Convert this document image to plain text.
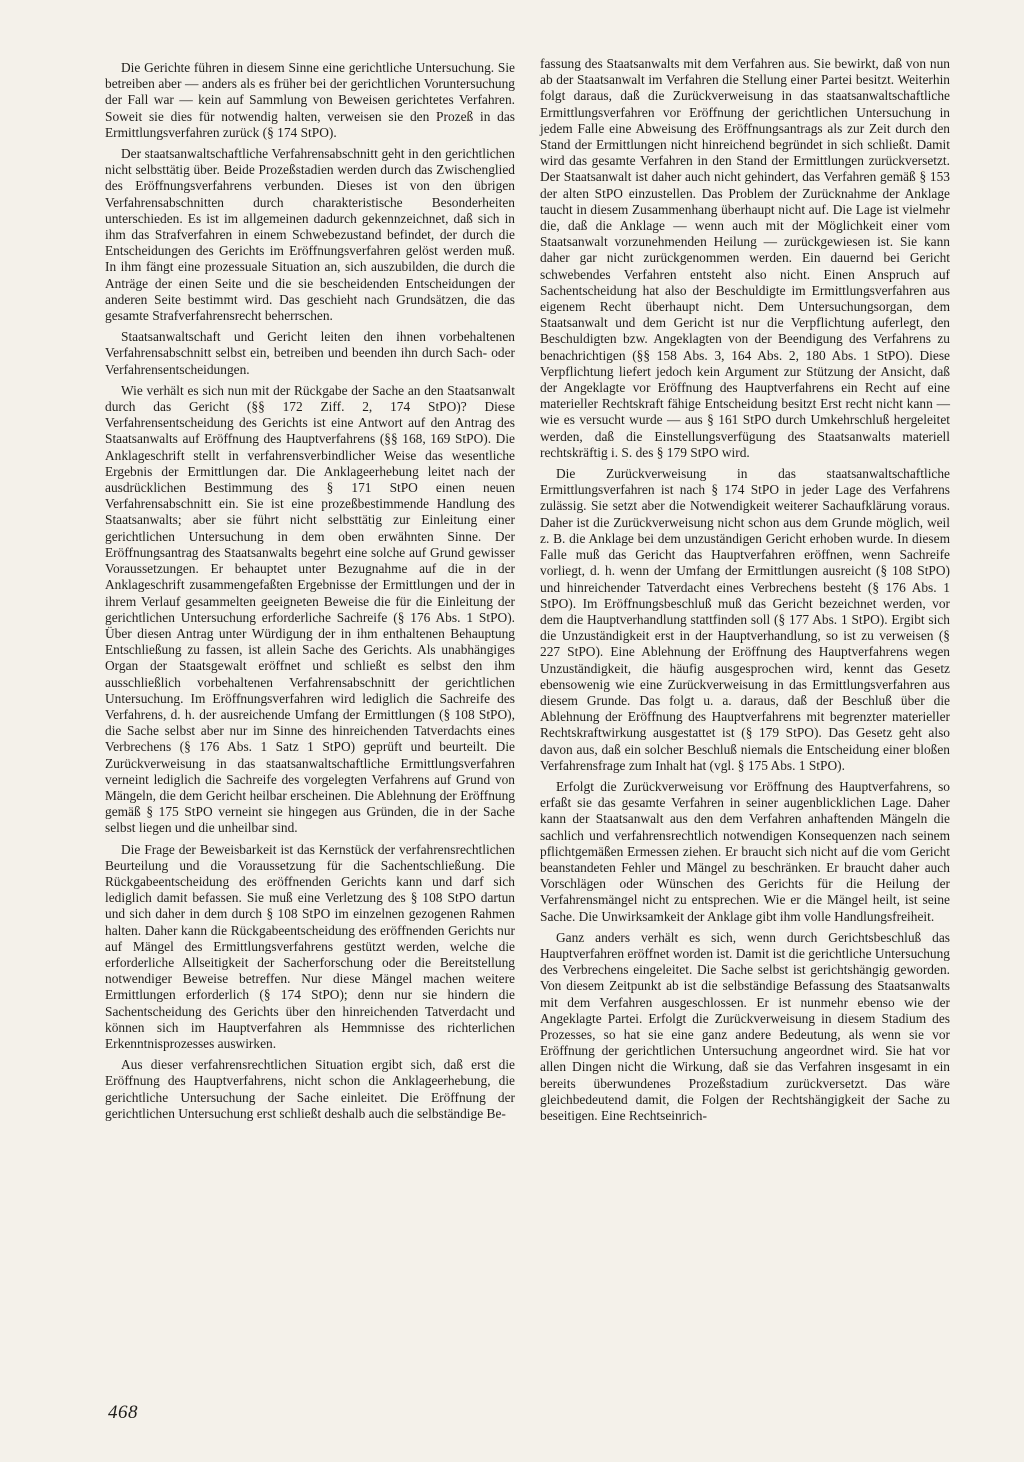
Die Gerichte führen in diesem Sinne eine gerichtliche Untersuchung. Sie betreiben aber — anders als es früher bei der gerichtlichen Voruntersuchung der Fall war — kein auf Sammlung von Beweisen gerichtetes Verfahren. Soweit sie dies für notwendig halten, verweisen sie den Prozeß in das Ermittlungsverfahren zurück (§ 174 StPO).

Der staatsanwaltschaftliche Verfahrensabschnitt geht in den gerichtlichen nicht selbsttätig über. Beide Prozeßstadien werden durch das Zwischenglied des Eröffnungsverfahrens verbunden. Dieses ist von den übrigen Verfahrensabschnitten durch charakteristische Besonderheiten unterschieden. Es ist im allgemeinen dadurch gekennzeichnet, daß sich in ihm das Strafverfahren in einem Schwebezustand befindet, der durch die Entscheidungen des Gerichts im Eröffnungsverfahren gelöst werden muß. In ihm fängt eine prozessuale Situation an, sich auszubilden, die durch die Anträge der einen Seite und die sie bescheidenden Entscheidungen der anderen Seite bestimmt wird. Das geschieht nach Grundsätzen, die das gesamte Strafverfahrensrecht beherrschen.

Staatsanwaltschaft und Gericht leiten den ihnen vorbehaltenen Verfahrensabschnitt selbst ein, betreiben und beenden ihn durch Sach- oder Verfahrensentscheidungen.

Wie verhält es sich nun mit der Rückgabe der Sache an den Staatsanwalt durch das Gericht (§§ 172 Ziff. 2, 174 StPO)? Diese Verfahrensentscheidung des Gerichts ist eine Antwort auf den Antrag des Staatsanwalts auf Eröffnung des Hauptverfahrens (§§ 168, 169 StPO). Die Anklageschrift stellt in verfahrensverbindlicher Weise das wesentliche Ergebnis der Ermittlungen dar. Die Anklageerhebung leitet nach der ausdrücklichen Bestimmung des § 171 StPO einen neuen Verfahrensabschnitt ein. Sie ist eine prozeßbestimmende Handlung des Staatsanwalts; aber sie führt nicht selbsttätig zur Einleitung einer gerichtlichen Untersuchung in dem oben erwähnten Sinne. Der Eröffnungsantrag des Staatsanwalts begehrt eine solche auf Grund gewisser Voraussetzungen. Er behauptet unter Bezugnahme auf die in der Anklageschrift zusammengefaßten Ergebnisse der Ermittlungen und der in ihrem Verlauf gesammelten geeigneten Beweise die für die Einleitung der gerichtlichen Untersuchung erforderliche Sachreife (§ 176 Abs. 1 StPO). Über diesen Antrag unter Würdigung der in ihm enthaltenen Behauptung Entschließung zu fassen, ist allein Sache des Gerichts. Als unabhängiges Organ der Staatsgewalt eröffnet und schließt es selbst den ihm ausschließlich vorbehaltenen Verfahrensabschnitt der gerichtlichen Untersuchung. Im Eröffnungsverfahren wird lediglich die Sachreife des Verfahrens, d. h. der ausreichende Umfang der Ermittlungen (§ 108 StPO), die Sache selbst aber nur im Sinne des hinreichenden Tatverdachts eines Verbrechens (§ 176 Abs. 1 Satz 1 StPO) geprüft und beurteilt. Die Zurückverweisung in das staatsanwaltschaftliche Ermittlungsverfahren verneint lediglich die Sachreife des vorgelegten Verfahrens auf Grund von Mängeln, die dem Gericht heilbar erscheinen. Die Ablehnung der Eröffnung gemäß § 175 StPO verneint sie hingegen aus Gründen, die in der Sache selbst liegen und die unheilbar sind.

Die Frage der Beweisbarkeit ist das Kernstück der verfahrensrechtlichen Beurteilung und die Voraussetzung für die Sachentschließung. Die Rückgabeentscheidung des eröffnenden Gerichts kann und darf sich lediglich damit befassen. Sie muß eine Verletzung des § 108 StPO dartun und sich daher in dem durch § 108 StPO im einzelnen gezogenen Rahmen halten. Daher kann die Rückgabeentscheidung des eröffnenden Gerichts nur auf Mängel des Ermittlungsverfahrens gestützt werden, welche die erforderliche Allseitigkeit der Sacherforschung oder die Bereitstellung notwendiger Beweise betreffen. Nur diese Mängel machen weitere Ermittlungen erforderlich (§ 174 StPO); denn nur sie hindern die Sachentscheidung des Gerichts über den hinreichenden Tatverdacht und können sich im Hauptverfahren als Hemmnisse des richterlichen Erkenntnisprozesses auswirken.

Aus dieser verfahrensrechtlichen Situation ergibt sich, daß erst die Eröffnung des Hauptverfahrens, nicht schon die Anklageerhebung, die gerichtliche Untersuchung der Sache einleitet. Die Eröffnung der gerichtlichen Untersuchung erst schließt deshalb auch die selbständige Be-

fassung des Staatsanwalts mit dem Verfahren aus. Sie bewirkt, daß von nun ab der Staatsanwalt im Verfahren die Stellung einer Partei besitzt. Weiterhin folgt daraus, daß die Zurückverweisung in das staatsanwaltschaftliche Ermittlungsverfahren vor Eröffnung der gerichtlichen Untersuchung in jedem Falle eine Abweisung des Eröffnungsantrags als zur Zeit durch den Stand der Ermittlungen nicht hinreichend begründet in sich schließt. Damit wird das gesamte Verfahren in den Stand der Ermittlungen zurückversetzt. Der Staatsanwalt ist daher auch nicht gehindert, das Verfahren gemäß § 153 der alten StPO einzustellen. Das Problem der Zurücknahme der Anklage taucht in diesem Zusammenhang überhaupt nicht auf. Die Lage ist vielmehr die, daß die Anklage — wenn auch mit der Möglichkeit einer vom Staatsanwalt vorzunehmenden Heilung — zurückgewiesen ist. Sie kann daher gar nicht zurückgenommen werden. Ein dauernd bei Gericht schwebendes Verfahren entsteht also nicht. Einen Anspruch auf Sachentscheidung hat also der Beschuldigte im Ermittlungsverfahren aus eigenem Recht überhaupt nicht. Dem Untersuchungsorgan, dem Staatsanwalt und dem Gericht ist nur die Verpflichtung auferlegt, den Beschuldigten bzw. Angeklagten von der Beendigung des Verfahrens zu benachrichtigen (§§ 158 Abs. 3, 164 Abs. 2, 180 Abs. 1 StPO). Diese Verpflichtung liefert jedoch kein Argument zur Stützung der Ansicht, daß der Angeklagte vor Eröffnung des Hauptverfahrens ein Recht auf eine materieller Rechtskraft fähige Entscheidung besitzt Erst recht nicht kann — wie es versucht wurde — aus § 161 StPO durch Umkehrschluß hergeleitet werden, daß die Einstellungsverfügung des Staatsanwalts materiell rechtskräftig i. S. des § 179 StPO wird.

Die Zurückverweisung in das staatsanwaltschaftliche Ermittlungsverfahren ist nach § 174 StPO in jeder Lage des Verfahrens zulässig. Sie setzt aber die Notwendigkeit weiterer Sachaufklärung voraus. Daher ist die Zurückverweisung nicht schon aus dem Grunde möglich, weil z. B. die Anklage bei dem unzuständigen Gericht erhoben wurde. In diesem Falle muß das Gericht das Hauptverfahren eröffnen, wenn Sachreife vorliegt, d. h. wenn der Umfang der Ermittlungen ausreicht (§ 108 StPO) und hinreichender Tatverdacht eines Verbrechens besteht (§ 176 Abs. 1 StPO). Im Eröffnungsbeschluß muß das Gericht bezeichnet werden, vor dem die Hauptverhandlung stattfinden soll (§ 177 Abs. 1 StPO). Ergibt sich die Unzuständigkeit erst in der Hauptverhandlung, so ist zu verweisen (§ 227 StPO). Eine Ablehnung der Eröffnung des Hauptverfahrens wegen Unzuständigkeit, die häufig ausgesprochen wird, kennt das Gesetz ebensowenig wie eine Zurückverweisung in das Ermittlungsverfahren aus diesem Grunde. Das folgt u. a. daraus, daß der Beschluß über die Ablehnung der Eröffnung des Hauptverfahrens mit begrenzter materieller Rechtskraftwirkung ausgestattet ist (§ 179 StPO). Das Gesetz geht also davon aus, daß ein solcher Beschluß niemals die Entscheidung einer bloßen Verfahrensfrage zum Inhalt hat (vgl. § 175 Abs. 1 StPO).

Erfolgt die Zurückverweisung vor Eröffnung des Hauptverfahrens, so erfaßt sie das gesamte Verfahren in seiner augenblicklichen Lage. Daher kann der Staatsanwalt aus den dem Verfahren anhaftenden Mängeln die sachlich und verfahrensrechtlich notwendigen Konsequenzen nach seinem pflichtgemäßen Ermessen ziehen. Er braucht sich nicht auf die vom Gericht beanstandeten Fehler und Mängel zu beschränken. Er braucht daher auch Vorschlägen oder Wünschen des Gerichts für die Heilung der Verfahrensmängel nicht zu entsprechen. Wie er die Mängel heilt, ist seine Sache. Die Unwirksamkeit der Anklage gibt ihm volle Handlungsfreiheit.

Ganz anders verhält es sich, wenn durch Gerichtsbeschluß das Hauptverfahren eröffnet worden ist. Damit ist die gerichtliche Untersuchung des Verbrechens eingeleitet. Die Sache selbst ist gerichtshängig geworden. Von diesem Zeitpunkt ab ist die selbständige Befassung des Staatsanwalts mit dem Verfahren ausgeschlossen. Er ist nunmehr ebenso wie der Angeklagte Partei. Erfolgt die Zurückverweisung in diesem Stadium des Prozesses, so hat sie eine ganz andere Bedeutung, als wenn sie vor Eröffnung der gerichtlichen Untersuchung angeordnet wird. Sie hat vor allen Dingen nicht die Wirkung, daß sie das Verfahren insgesamt in ein bereits überwundenes Prozeßstadium zurückversetzt. Das wäre gleichbedeutend damit, die Folgen der Rechtshängigkeit der Sache zu beseitigen. Eine Rechtseinrich-

468
